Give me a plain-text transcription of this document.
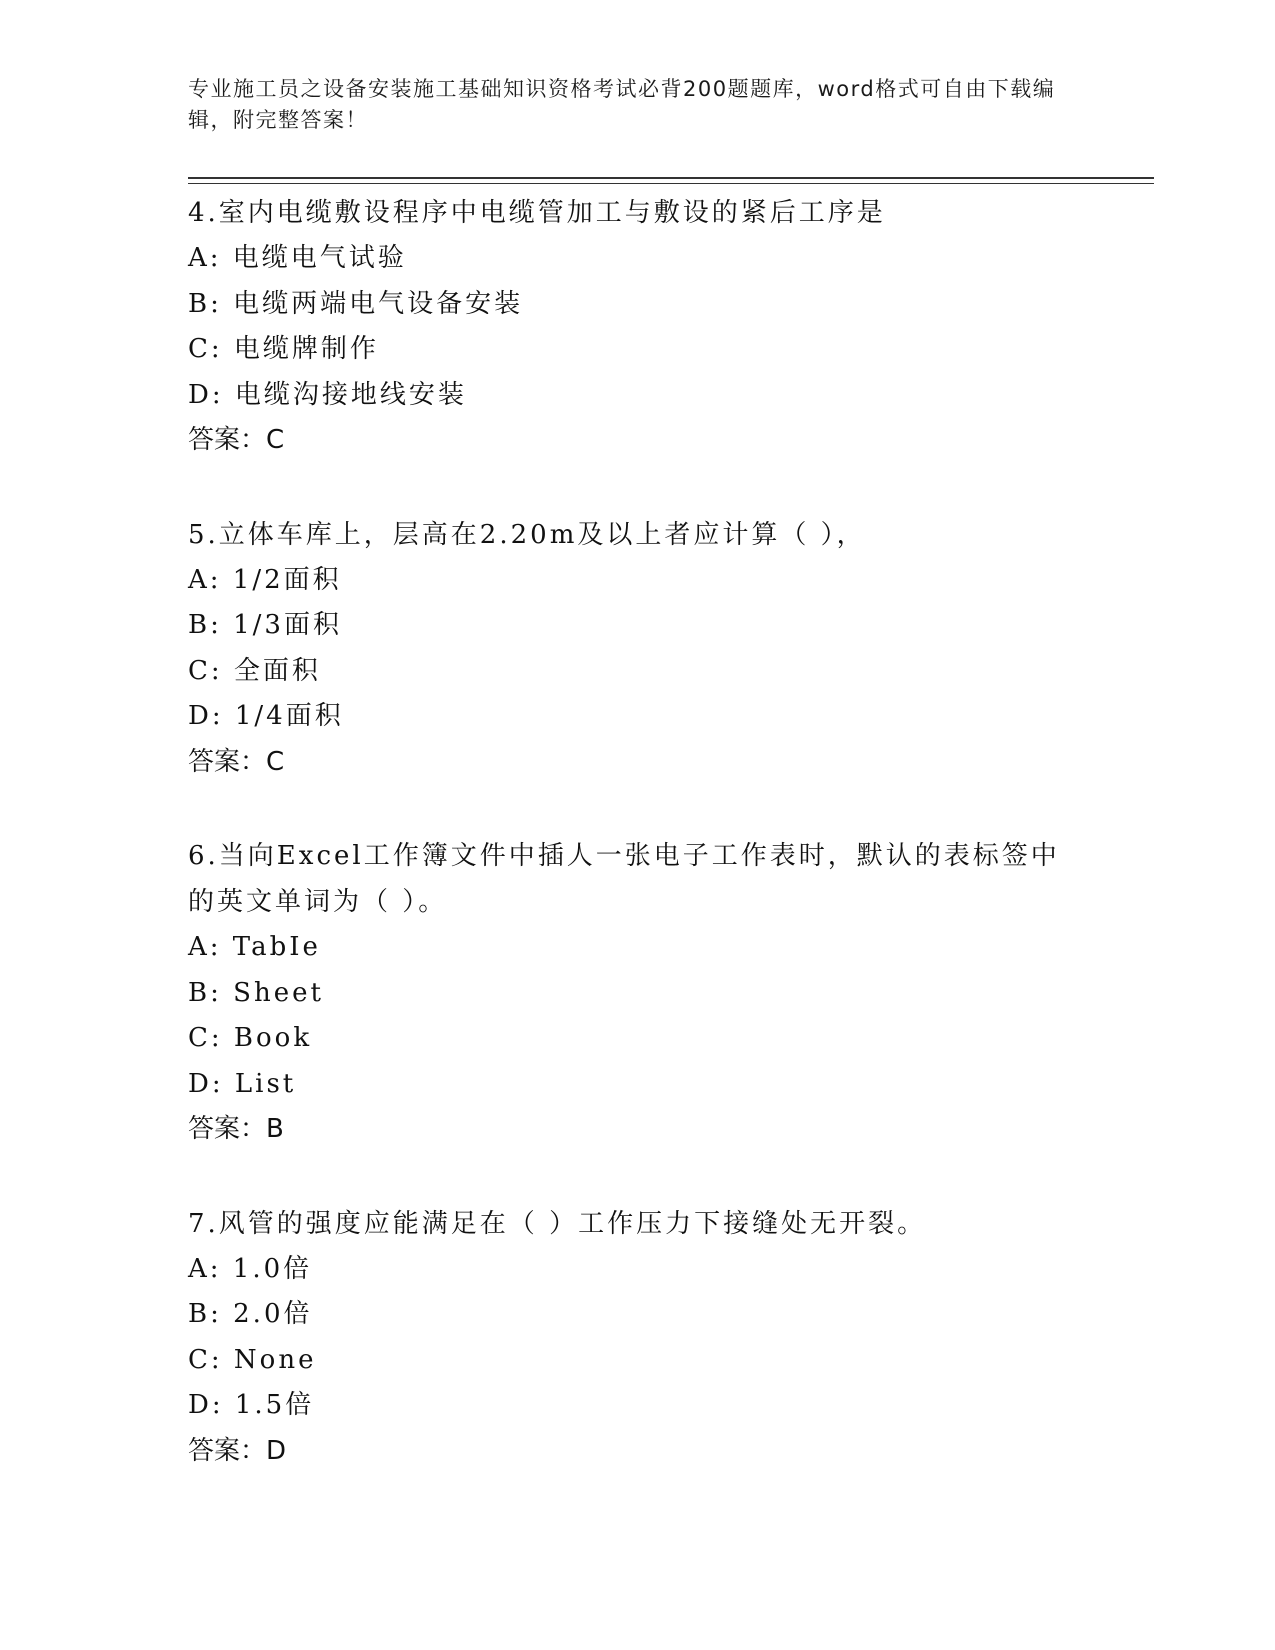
专业施工员之设备安装施工基础知识资格考试必背200题题库，word格式可自由下载编辑，附完整答案！

4.室内电缆敷设程序中电缆管加工与敷设的紧后工序是

A: 电缆电气试验

B: 电缆两端电气设备安装

C: 电缆牌制作

D: 电缆沟接地线安装

答案：C

5.立体车库上，层高在2.20m及以上者应计算（ ），

A: 1/2面积

B: 1/3面积

C: 全面积

D: 1/4面积

答案：C

6.当向Excel工作簿文件中插人一张电子工作表时，默认的表标签中的英文单词为（ ）。

A: TabIe

B: Sheet

C: Book

D: List

答案：B

7.风管的强度应能满足在（ ）工作压力下接缝处无开裂。

A: 1.0倍

B: 2.0倍

C: None

D: 1.5倍

答案：D
